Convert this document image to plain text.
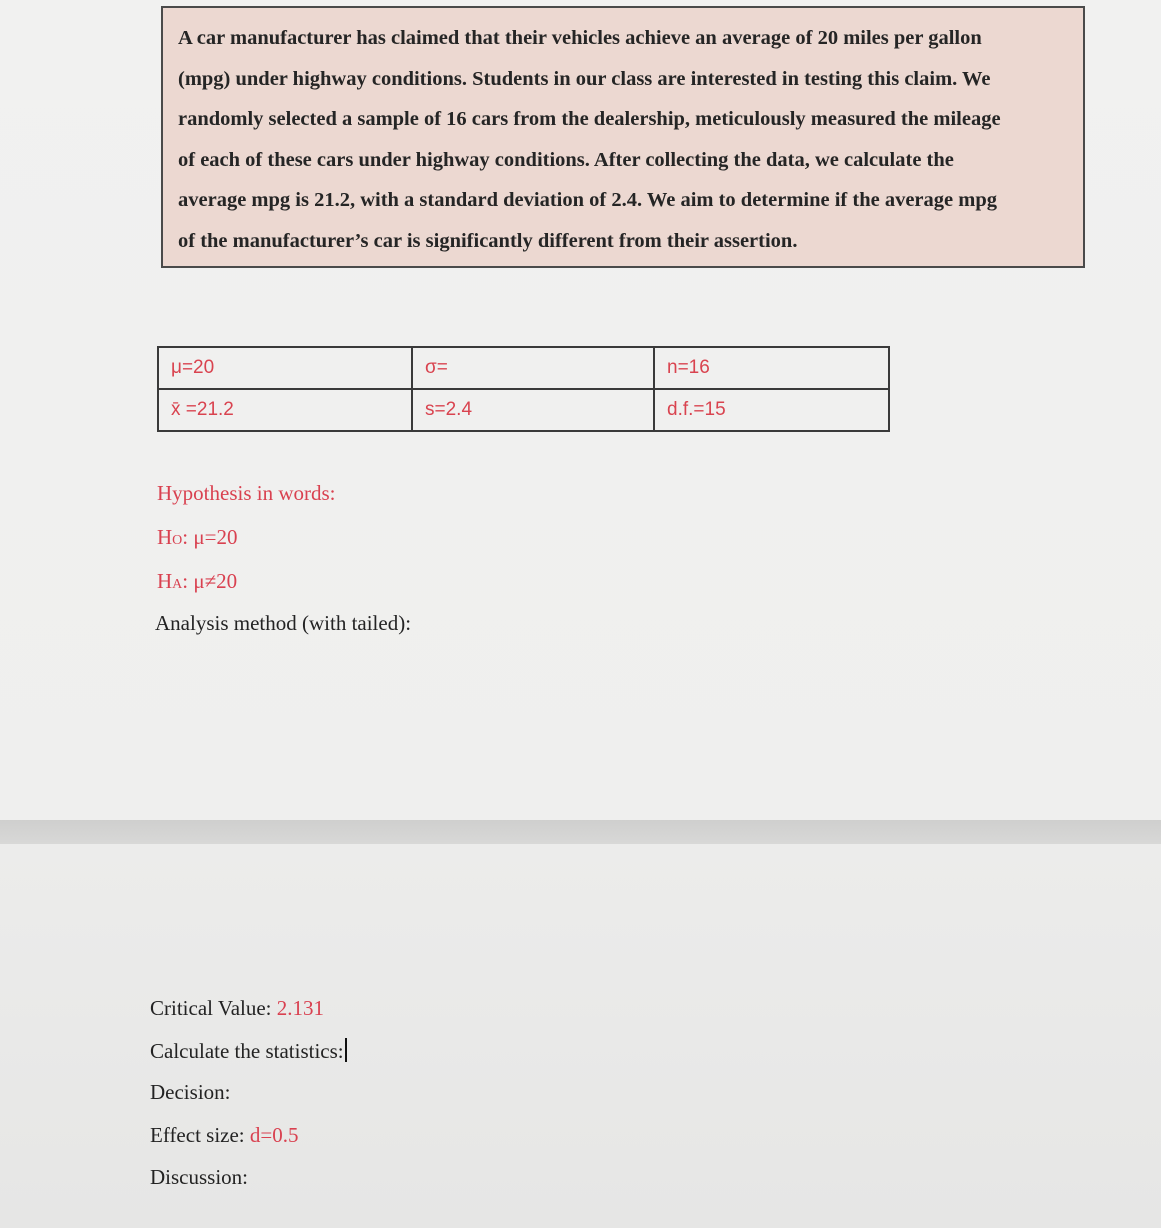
A car manufacturer has claimed that their vehicles achieve an average of 20 miles per gallon
(mpg) under highway conditions. Students in our class are interested in testing this claim. We
randomly selected a sample of 16 cars from the dealership, meticulously measured the mileage
of each of these cars under highway conditions. After collecting the data, we calculate the
average mpg is 21.2, with a standard deviation of 2.4. We aim to determine if the average mpg
of the manufacturer’s car is significantly different from their assertion.
μ=20	σ=	n=16
x̄ =21.2	s=2.4	d.f.=15
Hypothesis in words:
HO: μ=20
HA: μ≠20
Analysis method (with tailed):
Critical Value: 2.131
Calculate the statistics:
Decision:
Effect size: d=0.5
Discussion:
